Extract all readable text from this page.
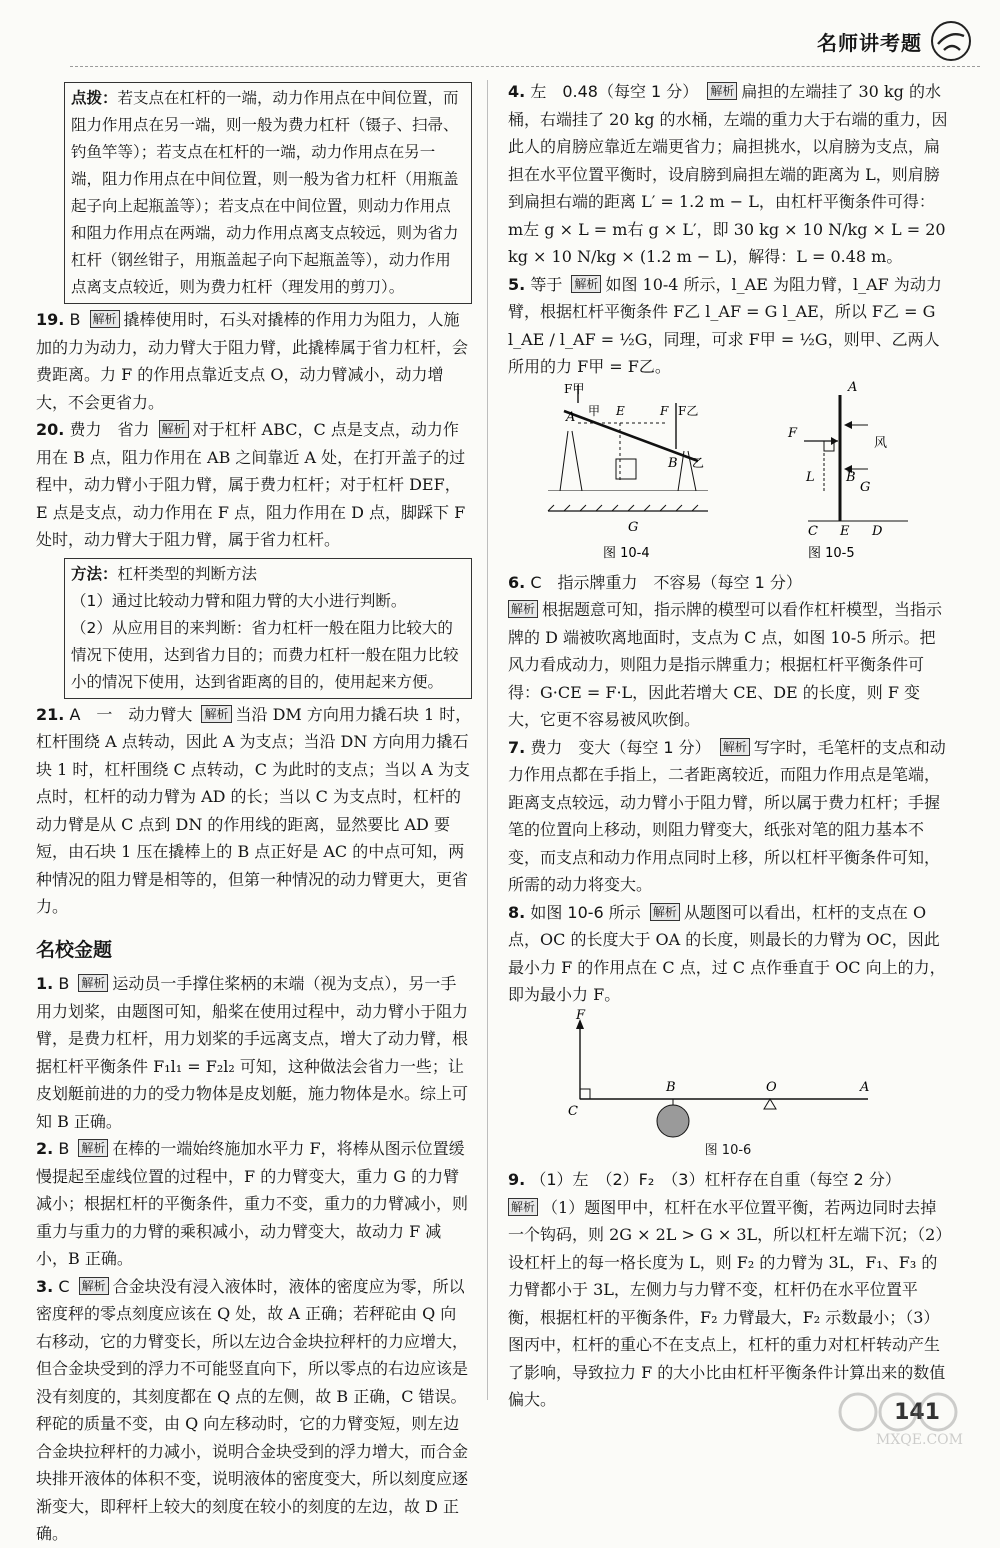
名师讲考题
点拨：若支点在杠杆的一端，动力作用点在中间位置，而阻力作用点在另一端，则一般为费力杠杆（镊子、扫帚、钓鱼竿等）；若支点在杠杆的一端，动力作用点在另一端，阻力作用点在中间位置，则一般为省力杠杆（用瓶盖起子向上起瓶盖等）；若支点在中间位置，则动力作用点和阻力作用点在两端，动力作用点离支点较远，则为省力杠杆（钢丝钳子，用瓶盖起子向下起瓶盖等），动力作用点离支点较近，则为费力杠杆（理发用的剪刀）。

19. B 解析 撬棒使用时，石头对撬棒的作用力为阻力，人施加的力为动力，动力臂大于阻力臂，此撬棒属于省力杠杆，会费距离。力 F 的作用点靠近支点 O，动力臂减小，动力增大，不会更省力。

20. 费力　省力 解析 对于杠杆 ABC，C 点是支点，动力作用在 B 点，阻力作用在 AB 之间靠近 A 处，在打开盖子的过程中，动力臂小于阻力臂，属于费力杠杆；对于杠杆 DEF，E 点是支点，动力作用在 F 点，阻力作用在 D 点，脚踩下 F 处时，动力臂大于阻力臂，属于省力杠杆。

方法：杠杆类型的判断方法
（1）通过比较动力臂和阻力臂的大小进行判断。
（2）从应用目的来判断：省力杠杆一般在阻力比较大的情况下使用，达到省力目的；而费力杠杆一般在阻力比较小的情况下使用，达到省距离的目的，使用起来方便。

21. A　一　动力臂大 解析 当沿 DM 方向用力撬石块 1 时，杠杆围绕 A 点转动，因此 A 为支点；当沿 DN 方向用力撬石块 1 时，杠杆围绕 C 点转动，C 为此时的支点；当以 A 为支点时，杠杆的动力臂为 AD 的长；当以 C 为支点时，杠杆的动力臂是从 C 点到 DN 的作用线的距离，显然要比 AD 要短，由石块 1 压在撬棒上的 B 点正好是 AC 的中点可知，两种情况的阻力臂是相等的，但第一种情况的动力臂更大，更省力。

名校金题

1. B 解析 运动员一手撑住桨柄的末端（视为支点），另一手用力划桨，由题图可知，船桨在使用过程中，动力臂小于阻力臂，是费力杠杆，用力划桨的手远离支点，增大了动力臂，根据杠杆平衡条件 F₁l₁ = F₂l₂ 可知，这种做法会省力一些；让皮划艇前进的力的受力物体是皮划艇，施力物体是水。综上可知 B 正确。

2. B 解析 在棒的一端始终施加水平力 F，将棒从图示位置缓慢提起至虚线位置的过程中，F 的力臂变大，重力 G 的力臂减小；根据杠杆的平衡条件，重力不变，重力的力臂减小，则重力与重力的力臂的乘积减小，动力臂变大，故动力 F 减小，B 正确。

3. C 解析 合金块没有浸入液体时，液体的密度应为零，所以密度秤的零点刻度应该在 Q 处，故 A 正确；若秤砣由 Q 向右移动，它的力臂变长，所以左边合金块拉秤杆的力应增大，但合金块受到的浮力不可能竖直向下，所以零点的右边应该是没有刻度的，其刻度都在 Q 点的左侧，故 B 正确，C 错误。秤砣的质量不变，由 Q 向左移动时，它的力臂变短，则左边合金块拉秤杆的力减小，说明合金块受到的浮力增大，而合金块排开液体的体积不变，说明液体的密度变大，所以刻度应逐渐变大，即秤杆上较大的刻度在较小的刻度的左边，故 D 正确。

4. 左　0.48（每空 1 分） 解析 扁担的左端挂了 30 kg 的水桶，右端挂了 20 kg 的水桶，左端的重力大于右端的重力，因此人的肩膀应靠近左端更省力；扁担挑水，以肩膀为支点，扁担在水平位置平衡时，设肩膀到扁担左端的距离为 L，则肩膀到扁担右端的距离 L′ = 1.2 m − L，由杠杆平衡条件可得：m左 g × L = m右 g × L′，即 30 kg × 10 N/kg × L = 20 kg × 10 N/kg × (1.2 m − L)，解得：L = 0.48 m。

5. 等于 解析 如图 10-4 所示，l_AE 为阻力臂，l_AF 为动力臂，根据杠杆平衡条件 F乙 l_AF = G l_AE，所以 F乙 = G l_AE / l_AF = ½G，同理，可求 F甲 = ½G，则甲、乙两人所用的力 F甲 = F乙。

F甲
A 甲 E	F F乙
B 乙
A
F
风
B
L
G
G	C E D
图 10-4	图 10-5

6. C　指示牌重力　不容易（每空 1 分）
解析 根据题意可知，指示牌的模型可以看作杠杆模型，当指示牌的 D 端被吹离地面时，支点为 C 点，如图 10-5 所示。把风力看成动力，则阻力是指示牌重力；根据杠杆平衡条件可得：G·CE = F·L，因此若增大 CE、DE 的长度，则 F 变大，它更不容易被风吹倒。

7. 费力　变大（每空 1 分） 解析 写字时，毛笔杆的支点和动力作用点都在手指上，二者距离较近，而阻力作用点是笔端，距离支点较远，动力臂小于阻力臂，所以属于费力杠杆；手握笔的位置向上移动，则阻力臂变大，纸张对笔的阻力基本不变，而支点和动力作用点同时上移，所以杠杆平衡条件可知，所需的动力将变大。

8. 如图 10-6 所示 解析 从题图可以看出，杠杆的支点在 O 点，OC 的长度大于 OA 的长度，则最长的力臂为 OC，因此最小力 F 的作用点在 C 点，过 C 点作垂直于 OC 向上的力，即为最小力 F。

F
C
B	O	A
图 10-6

9. （1）左　（2）F₂　（3）杠杆存在自重（每空 2 分）
解析 （1）题图甲中，杠杆在水平位置平衡，若两边同时去掉一个钩码，则 2G × 2L > G × 3L，所以杠杆左端下沉；（2）设杠杆上的每一格长度为 L，则 F₂ 的力臂为 3L，F₁、F₃ 的力臂都小于 3L，左侧力与力臂不变，杠杆仍在水平位置平衡，根据杠杆的平衡条件，F₂ 力臂最大，F₂ 示数最小；（3）图丙中，杠杆的重心不在支点上，杠杆的重力对杠杆转动产生了影响，导致拉力 F 的大小比由杠杆平衡条件计算出来的数值偏大。

141
MXQE.COM
